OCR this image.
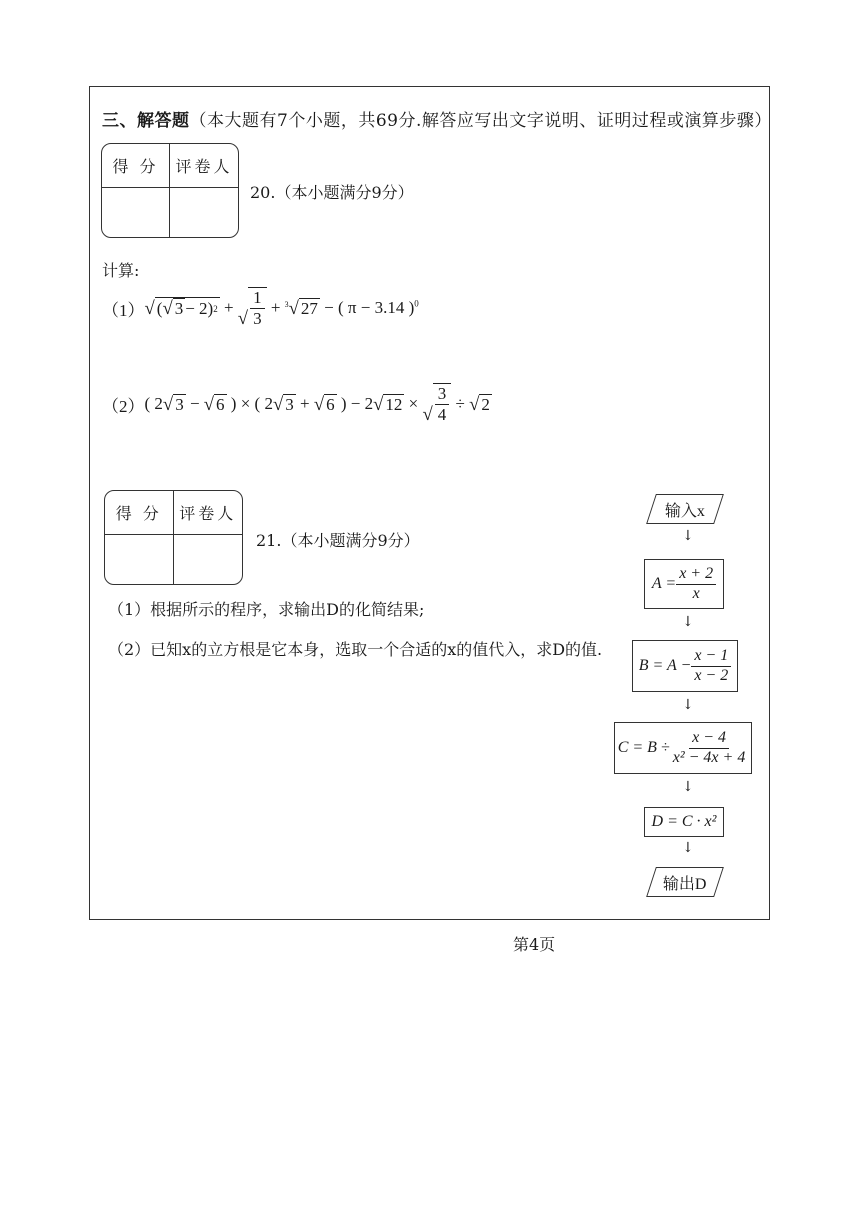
三、解答题（本大题有7个小题，共69分.解答应写出文字说明、证明过程或演算步骤）
得 分	评卷人
20.（本小题满分9分）
计算:
（1） √ ( √ 3 − 2) 2 +
√ $\frac{1}{3} + ^3√$ 27 − ( π − 3.14 )$^0$
（2） ( 2 √ 3 − √ 6 ) × ( 2 √ 3 + √ 6 ) − 2 √ 12 ×
√ $\frac{3}{4}$ ÷ √ 2
得 分	评卷人
21.（本小题满分9分）
（1）根据所示的程序，求输出D的化简结果;
（2）已知x的立方根是它本身，选取一个合适的x的值代入，求D的值.
输入x
↓
$A = \frac{x + 2}{x}$
↓
$B = A - \frac{x - 1}{x - 2}$
↓
$C = B \div \frac{x - 4}{\text{x² − 4x + 4}}$
↓
D = C · x²
↓
输出D
第4页
